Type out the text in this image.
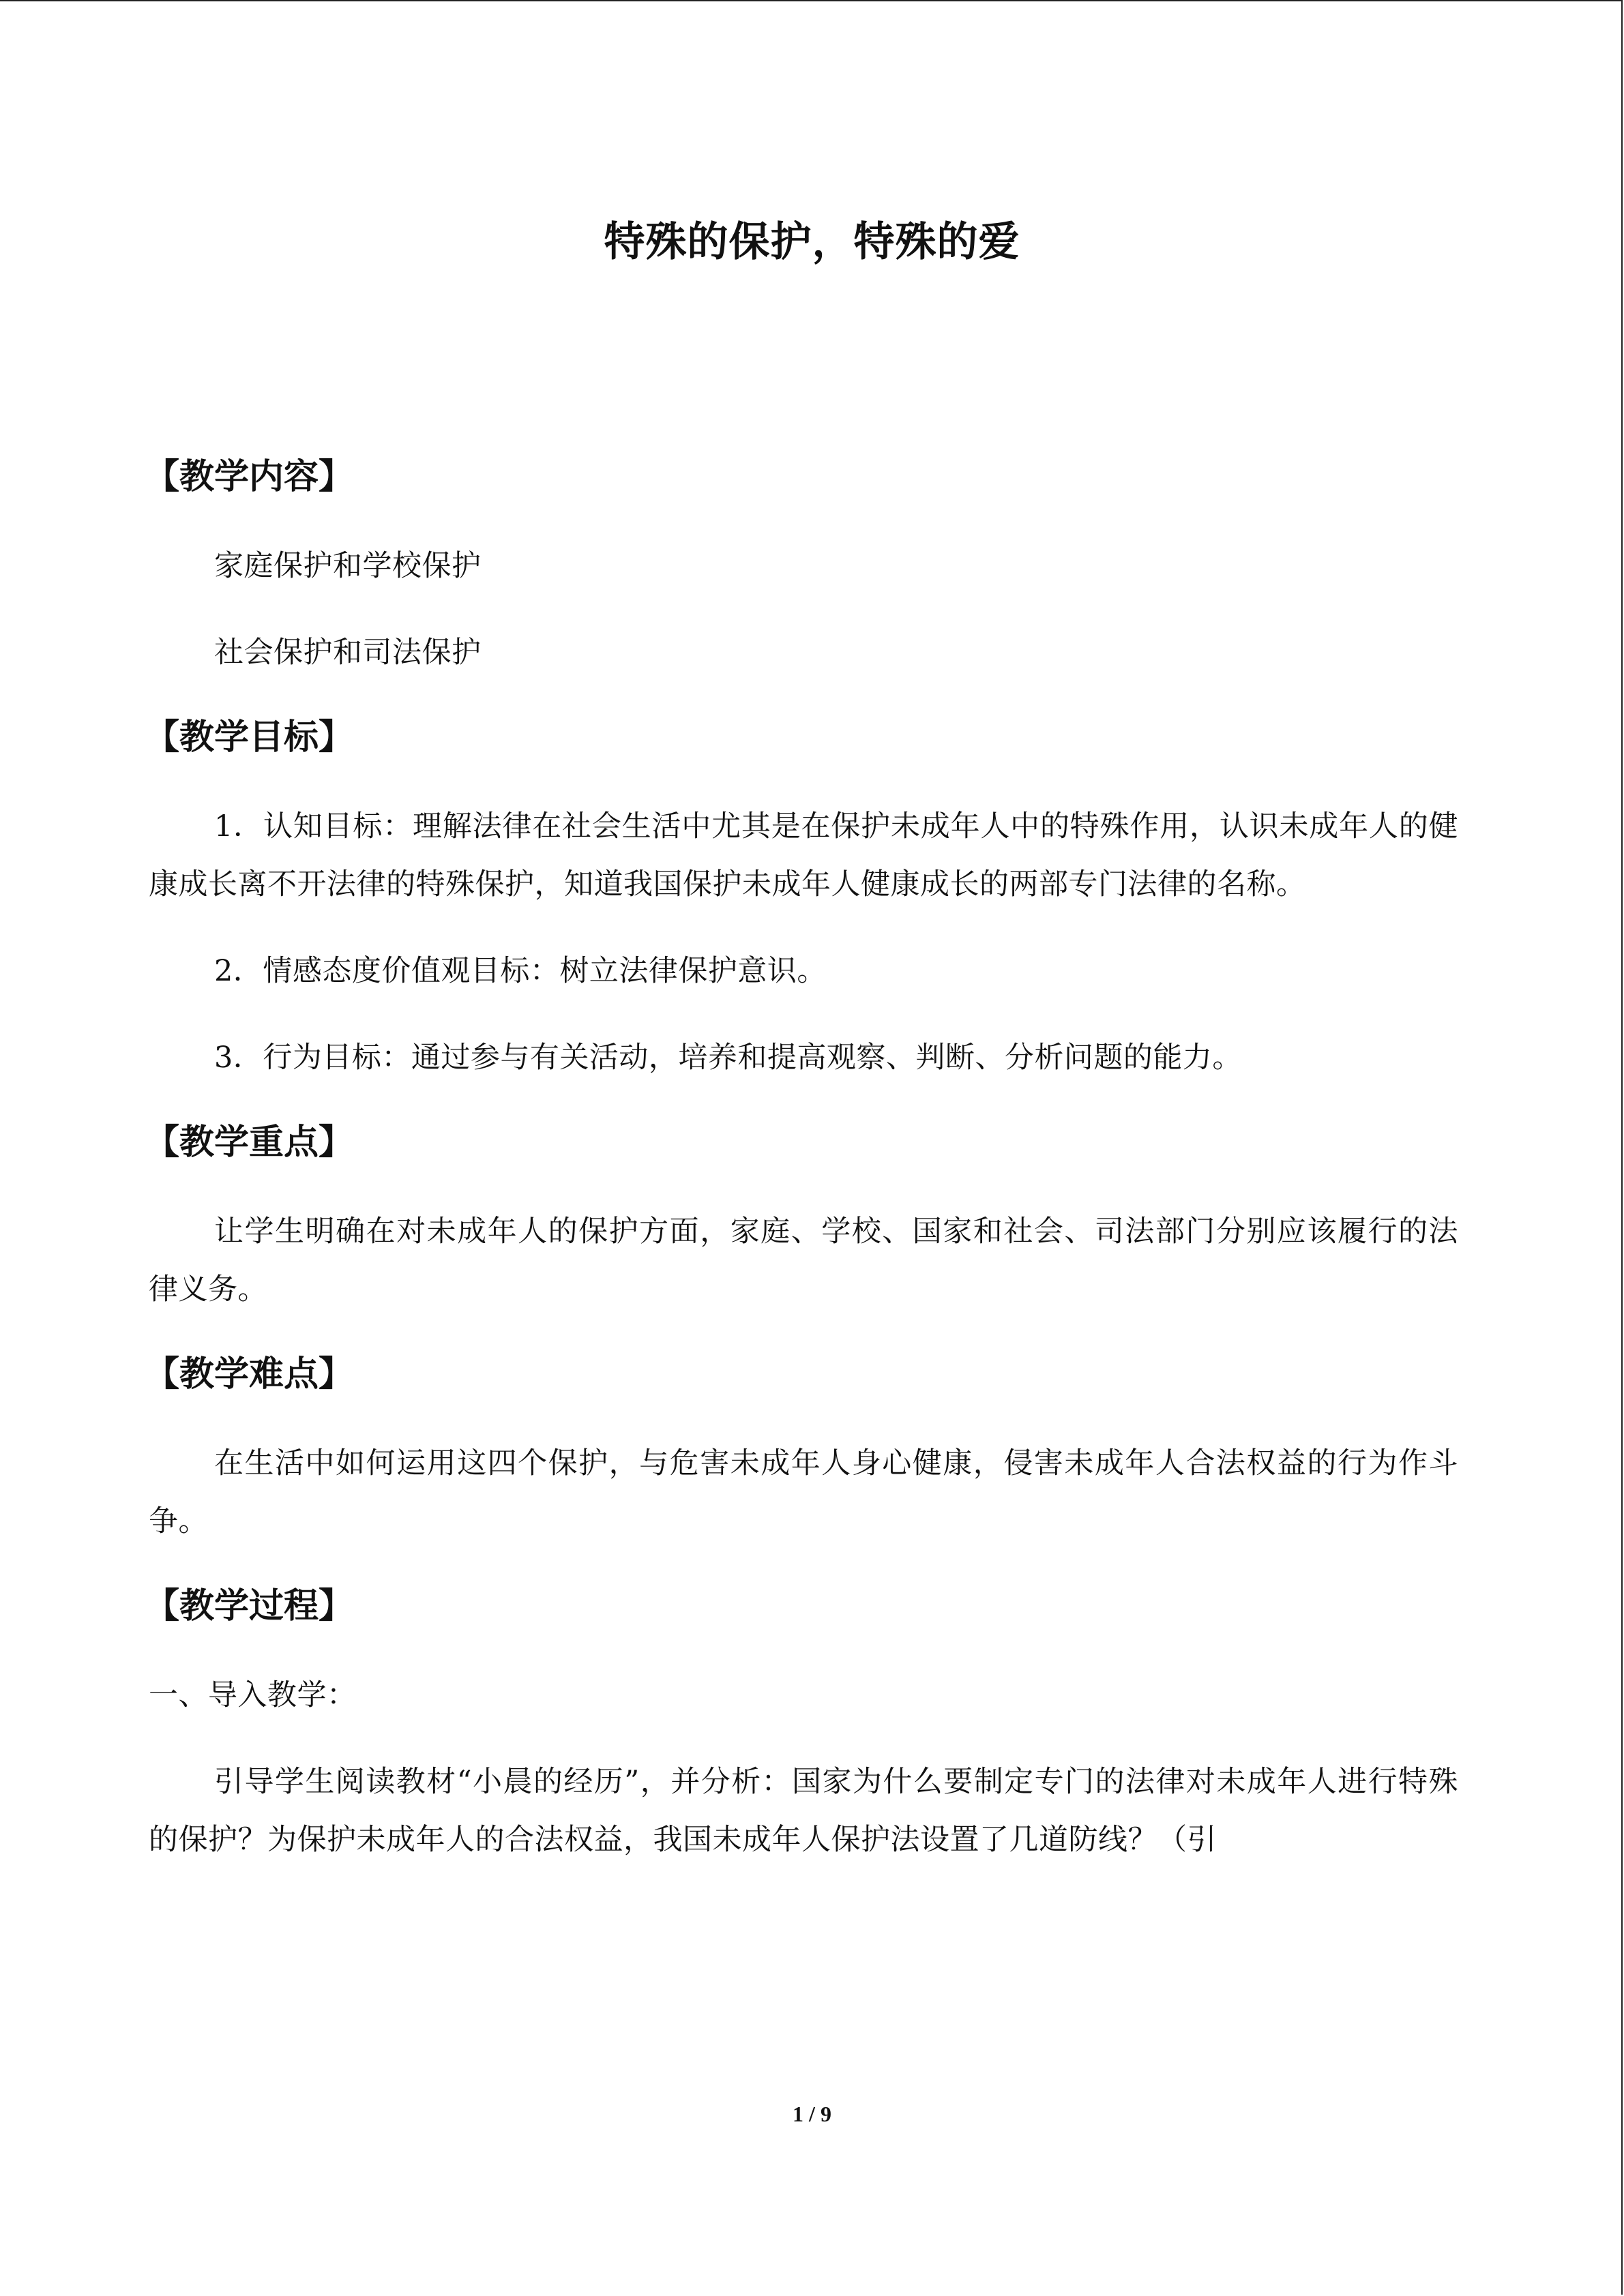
特殊的保护，特殊的爱
【教学内容】

家庭保护和学校保护

社会保护和司法保护

【教学目标】

1．认知目标：理解法律在社会生活中尤其是在保护未成年人中的特殊作用，认识未成年人的健康成长离不开法律的特殊保护，知道我国保护未成年人健康成长的两部专门法律的名称。

2．情感态度价值观目标：树立法律保护意识。

3．行为目标：通过参与有关活动，培养和提高观察、判断、分析问题的能力。

【教学重点】

让学生明确在对未成年人的保护方面，家庭、学校、国家和社会、司法部门分别应该履行的法律义务。

【教学难点】

在生活中如何运用这四个保护，与危害未成年人身心健康，侵害未成年人合法权益的行为作斗争。

【教学过程】

一、导入教学：

引导学生阅读教材“小晨的经历”，并分析：国家为什么要制定专门的法律对未成年人进行特殊的保护？为保护未成年人的合法权益，我国未成年人保护法设置了几道防线？（引

1 / 9
